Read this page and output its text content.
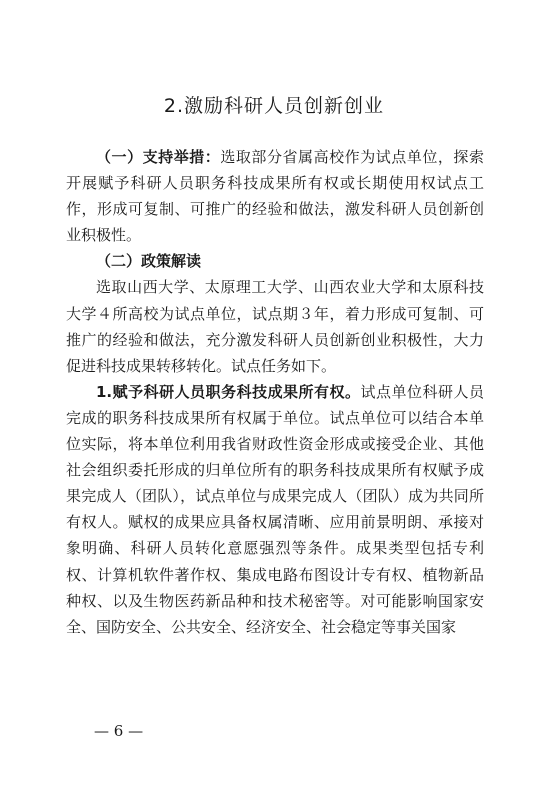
2.激励科研人员创新创业

（一）支持举措：选取部分省属高校作为试点单位，探索开展赋予科研人员职务科技成果所有权或长期使用权试点工作，形成可复制、可推广的经验和做法，激发科研人员创新创业积极性。

（二）政策解读

选取山西大学、太原理工大学、山西农业大学和太原科技大学４所高校为试点单位，试点期３年，着力形成可复制、可推广的经验和做法，充分激发科研人员创新创业积极性，大力促进科技成果转移转化。试点任务如下。

1.赋予科研人员职务科技成果所有权。试点单位科研人员完成的职务科技成果所有权属于单位。试点单位可以结合本单位实际，将本单位利用我省财政性资金形成或接受企业、其他社会组织委托形成的归单位所有的职务科技成果所有权赋予成果完成人（团队），试点单位与成果完成人（团队）成为共同所有权人。赋权的成果应具备权属清晰、应用前景明朗、承接对象明确、科研人员转化意愿强烈等条件。成果类型包括专利权、计算机软件著作权、集成电路布图设计专有权、植物新品种权、以及生物医药新品种和技术秘密等。对可能影响国家安全、国防安全、公共安全、经济安全、社会稳定等事关国家

— 6 —
